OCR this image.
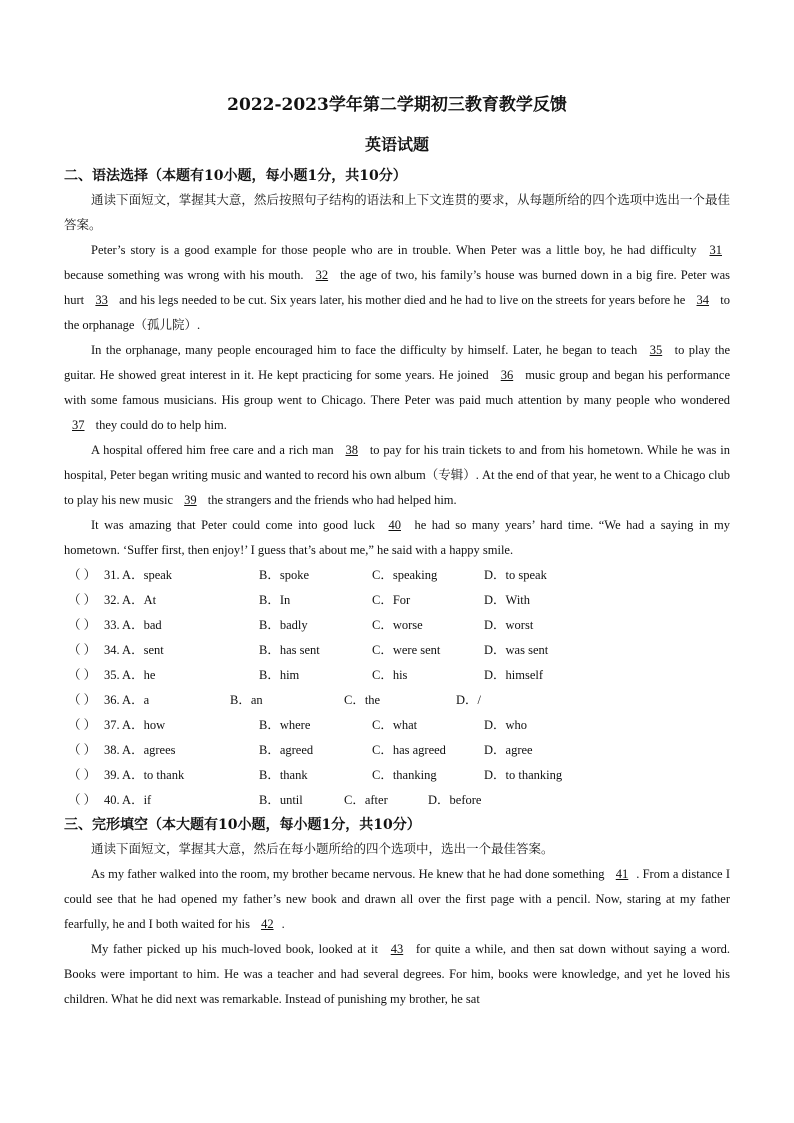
2022-2023学年第二学期初三教育教学反馈
英语试题

二、语法选择（本题有10小题，每小题1分，共10分）

通读下面短文，掌握其大意，然后按照句子结构的语法和上下文连贯的要求，从每题所给的四个选项中选出一个最佳答案。

Peter’s story is a good example for those people who are in trouble. When Peter was a little boy, he had difficulty 31 because something was wrong with his mouth. 32 the age of two, his family’s house was burned down in a big fire. Peter was hurt 33 and his legs needed to be cut. Six years later, his mother died and he had to live on the streets for years before he 34 to the orphanage（孤儿院）.

In the orphanage, many people encouraged him to face the difficulty by himself. Later, he began to teach 35 to play the guitar. He showed great interest in it. He kept practicing for some years. He joined 36 music group and began his performance with some famous musicians. His group went to Chicago. There Peter was paid much attention by many people who wondered 37 they could do to help him.

A hospital offered him free care and a rich man 38 to pay for his train tickets to and from his hometown. While he was in hospital, Peter began writing music and wanted to record his own album（专辑）. At the end of that year, he went to a Chicago club to play his new music 39 the strangers and the friends who had helped him.

It was amazing that Peter could come into good luck 40 he had so many years’ hard time. “We had a saying in my hometown. ‘Suffer first, then enjoy!’ I guess that’s about me,” he said with a happy smile.

（ ） 31. A．speak	B．spoke	C．speaking	D．to speak
（ ） 32. A．At	B．In	C．For	D．With
（ ） 33. A．bad	B．badly	C．worse	D．worst
（ ） 34. A．sent	B．has sent	C．were sent	D．was sent
（ ） 35. A．he	B．him	C．his	D．himself
（ ） 36. A．a	B．an	C．the	D．/
（ ） 37. A．how	B．where	C．what	D．who
（ ） 38. A．agrees	B．agreed	C．has agreed	D．agree
（ ） 39. A．to thank	B．thank	C．thanking	D．to thanking
（ ） 40. A．if	B．until	C．after	D．before

三、完形填空（本大题有10小题，每小题1分，共10分）

通读下面短文，掌握其大意，然后在每小题所给的四个选项中，选出一个最佳答案。

As my father walked into the room, my brother became nervous. He knew that he had done something 41 . From a distance I could see that he had opened my father’s new book and drawn all over the first page with a pencil. Now, staring at my father fearfully, he and I both waited for his 42 .

My father picked up his much-loved book, looked at it 43 for quite a while, and then sat down without saying a word. Books were important to him. He was a teacher and had several degrees. For him, books were knowledge, and yet he loved his children. What he did next was remarkable. Instead of punishing my brother, he sat
